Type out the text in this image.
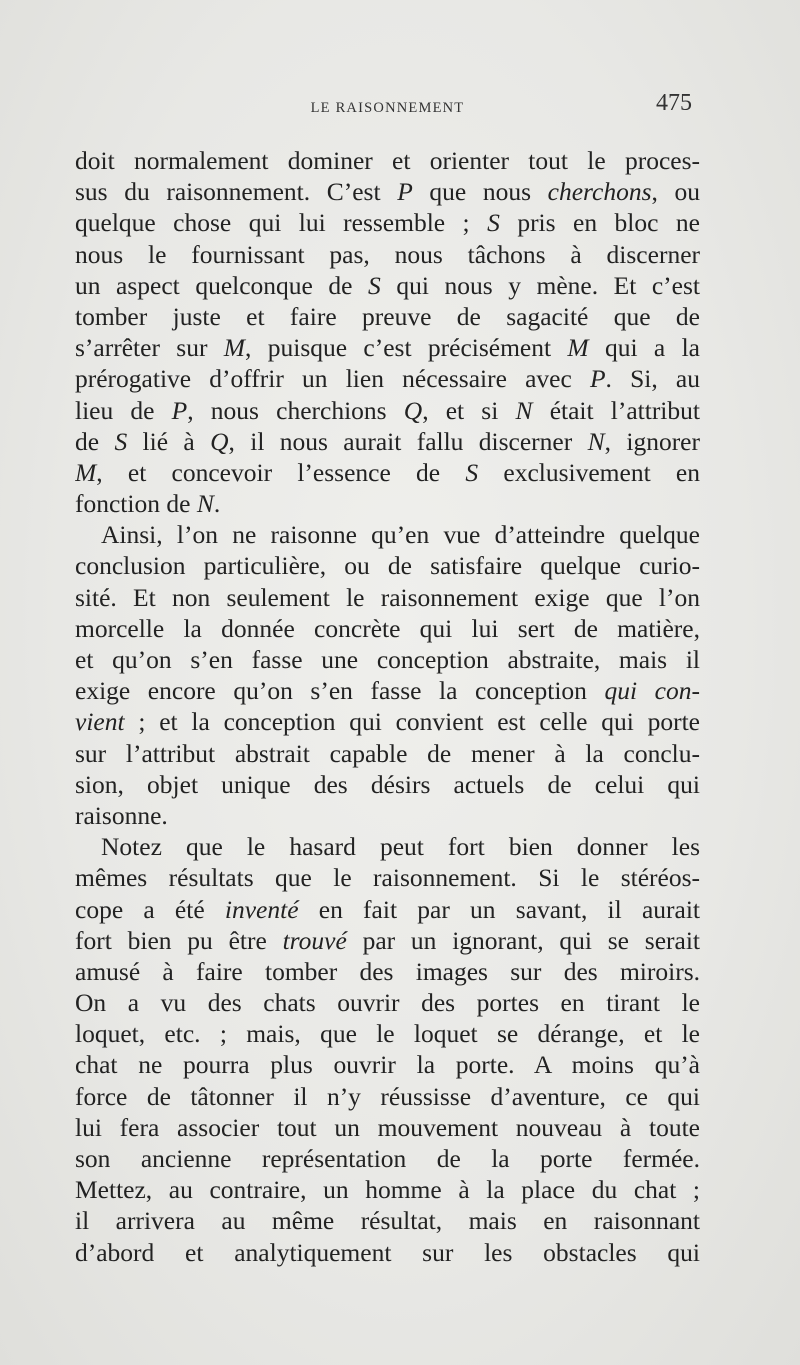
LE RAISONNEMENT	475
doit normalement dominer et orienter tout le proces-
sus du raisonnement. C’est P que nous cherchons, ou
quelque chose qui lui ressemble ; S pris en bloc ne
nous le fournissant pas, nous tâchons à discerner
un aspect quelconque de S qui nous y mène. Et c’est
tomber juste et faire preuve de sagacité que de
s’arrêter sur M, puisque c’est précisément M qui a la
prérogative d’offrir un lien nécessaire avec P. Si, au
lieu de P, nous cherchions Q, et si N était l’attribut
de S lié à Q, il nous aurait fallu discerner N, ignorer
M, et concevoir l’essence de S exclusivement en
fonction de N.
Ainsi, l’on ne raisonne qu’en vue d’atteindre quelque
conclusion particulière, ou de satisfaire quelque curio-
sité. Et non seulement le raisonnement exige que l’on
morcelle la donnée concrète qui lui sert de matière,
et qu’on s’en fasse une conception abstraite, mais il
exige encore qu’on s’en fasse la conception qui con-
vient ; et la conception qui convient est celle qui porte
sur l’attribut abstrait capable de mener à la conclu-
sion, objet unique des désirs actuels de celui qui
raisonne.
Notez que le hasard peut fort bien donner les
mêmes résultats que le raisonnement. Si le stéréos-
cope a été inventé en fait par un savant, il aurait
fort bien pu être trouvé par un ignorant, qui se serait
amusé à faire tomber des images sur des miroirs.
On a vu des chats ouvrir des portes en tirant le
loquet, etc. ; mais, que le loquet se dérange, et le
chat ne pourra plus ouvrir la porte. A moins qu’à
force de tâtonner il n’y réussisse d’aventure, ce qui
lui fera associer tout un mouvement nouveau à toute
son ancienne représentation de la porte fermée.
Mettez, au contraire, un homme à la place du chat ;
il arrivera au même résultat, mais en raisonnant
d’abord et analytiquement sur les obstacles qui
